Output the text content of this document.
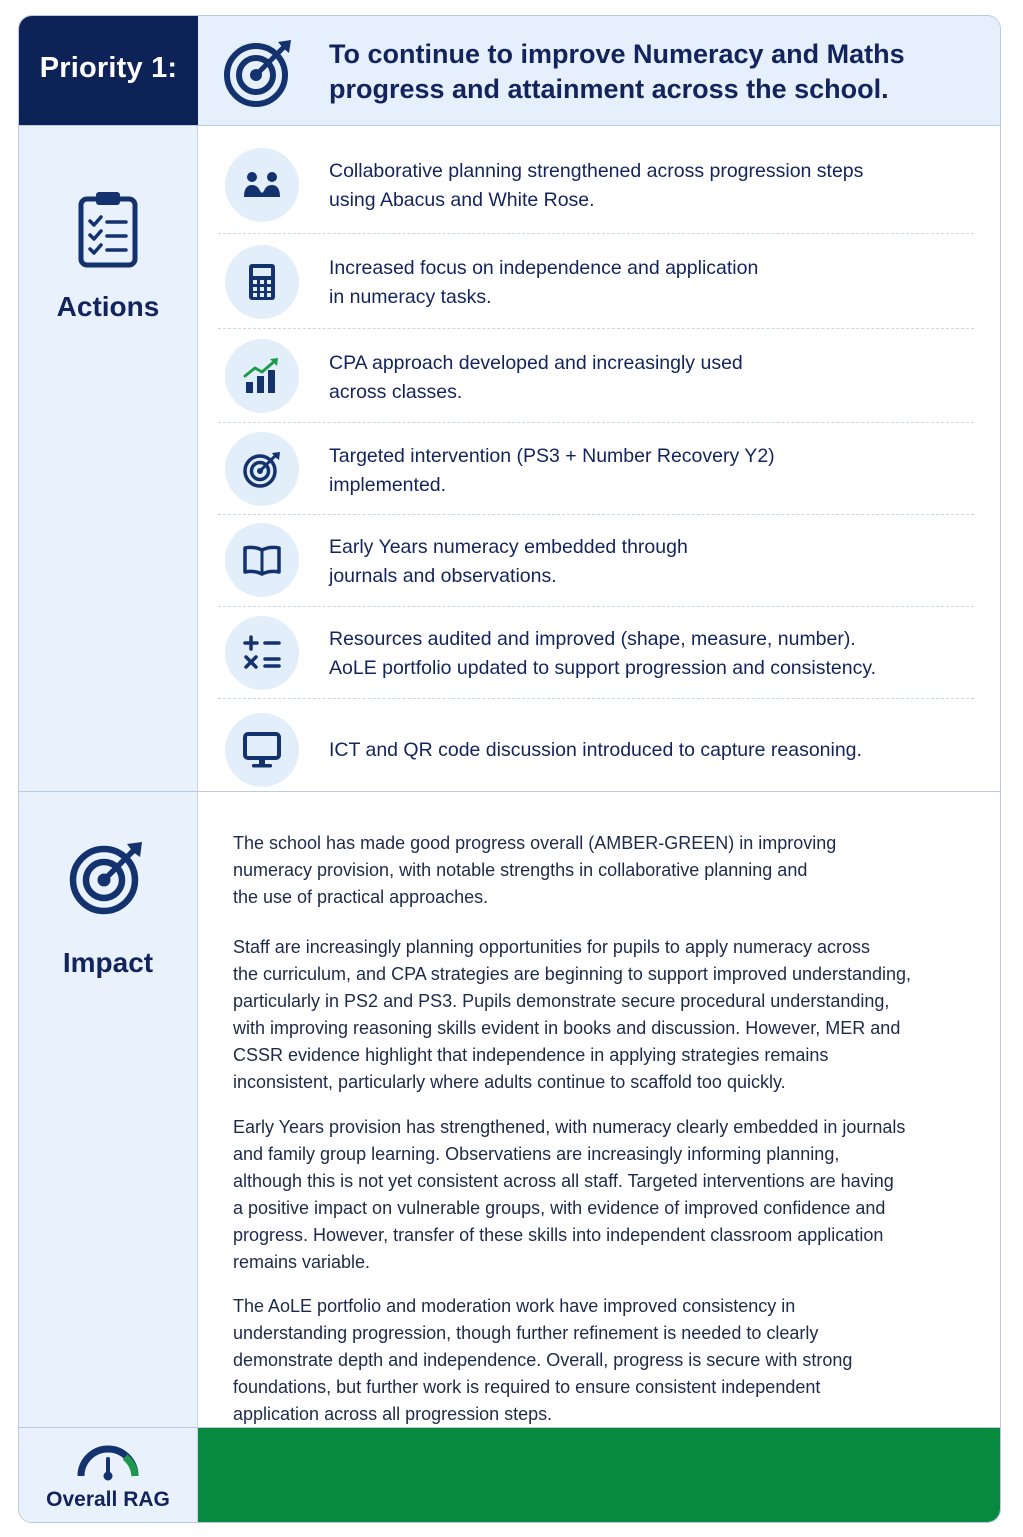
Priority 1:	To continue to improve Numeracy and Maths
progress and attainment across the school.
Actions
Collaborative planning strengthened across progression steps
using Abacus and White Rose.
Increased focus on independence and application
in numeracy tasks.
CPA approach developed and increasingly used
across classes.
Targeted intervention (PS3 + Number Recovery Y2)
implemented.
Early Years numeracy embedded through
journals and observations.
Resources audited and improved (shape, measure, number).
AoLE portfolio updated to support progression and consistency.
ICT and QR code discussion introduced to capture reasoning.
Impact
The school has made good progress overall (AMBER-GREEN) in improving
numeracy provision, with notable strengths in collaborative planning and
the use of practical approaches.
Staff are increasingly planning opportunities for pupils to apply numeracy across
the curriculum, and CPA strategies are beginning to support improved understanding,
particularly in PS2 and PS3. Pupils demonstrate secure procedural understanding,
with improving reasoning skills evident in books and discussion. However, MER and
CSSR evidence highlight that independence in applying strategies remains
inconsistent, particularly where adults continue to scaffold too quickly.
Early Years provision has strengthened, with numeracy clearly embedded in journals
and family group learning. Observatiens are increasingly informing planning,
although this is not yet consistent across all staff. Targeted interventions are having
a positive impact on vulnerable groups, with evidence of improved confidence and
progress. However, transfer of these skills into independent classroom application
remains variable.
The AoLE portfolio and moderation work have improved consistency in
understanding progression, though further refinement is needed to clearly
demonstrate depth and independence. Overall, progress is secure with strong
foundations, but further work is required to ensure consistent independent
application across all progression steps.
Overall RAG
